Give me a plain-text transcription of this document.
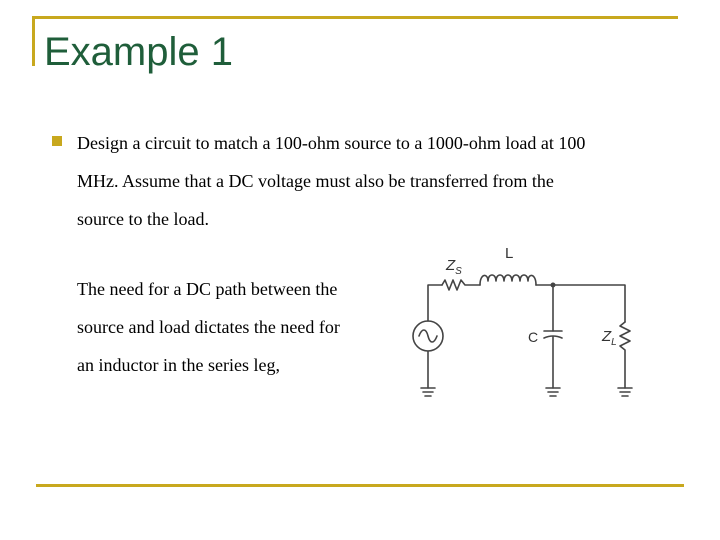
Example 1

Design a circuit to match a 100-ohm source to a 1000-ohm load at 100
MHz. Assume that a DC voltage must also be transferred from the
source to the load.

The need for a DC path between the
source and load dictates the need for
an inductor in the series leg,

$Z_S$
L
C	$Z_L$
